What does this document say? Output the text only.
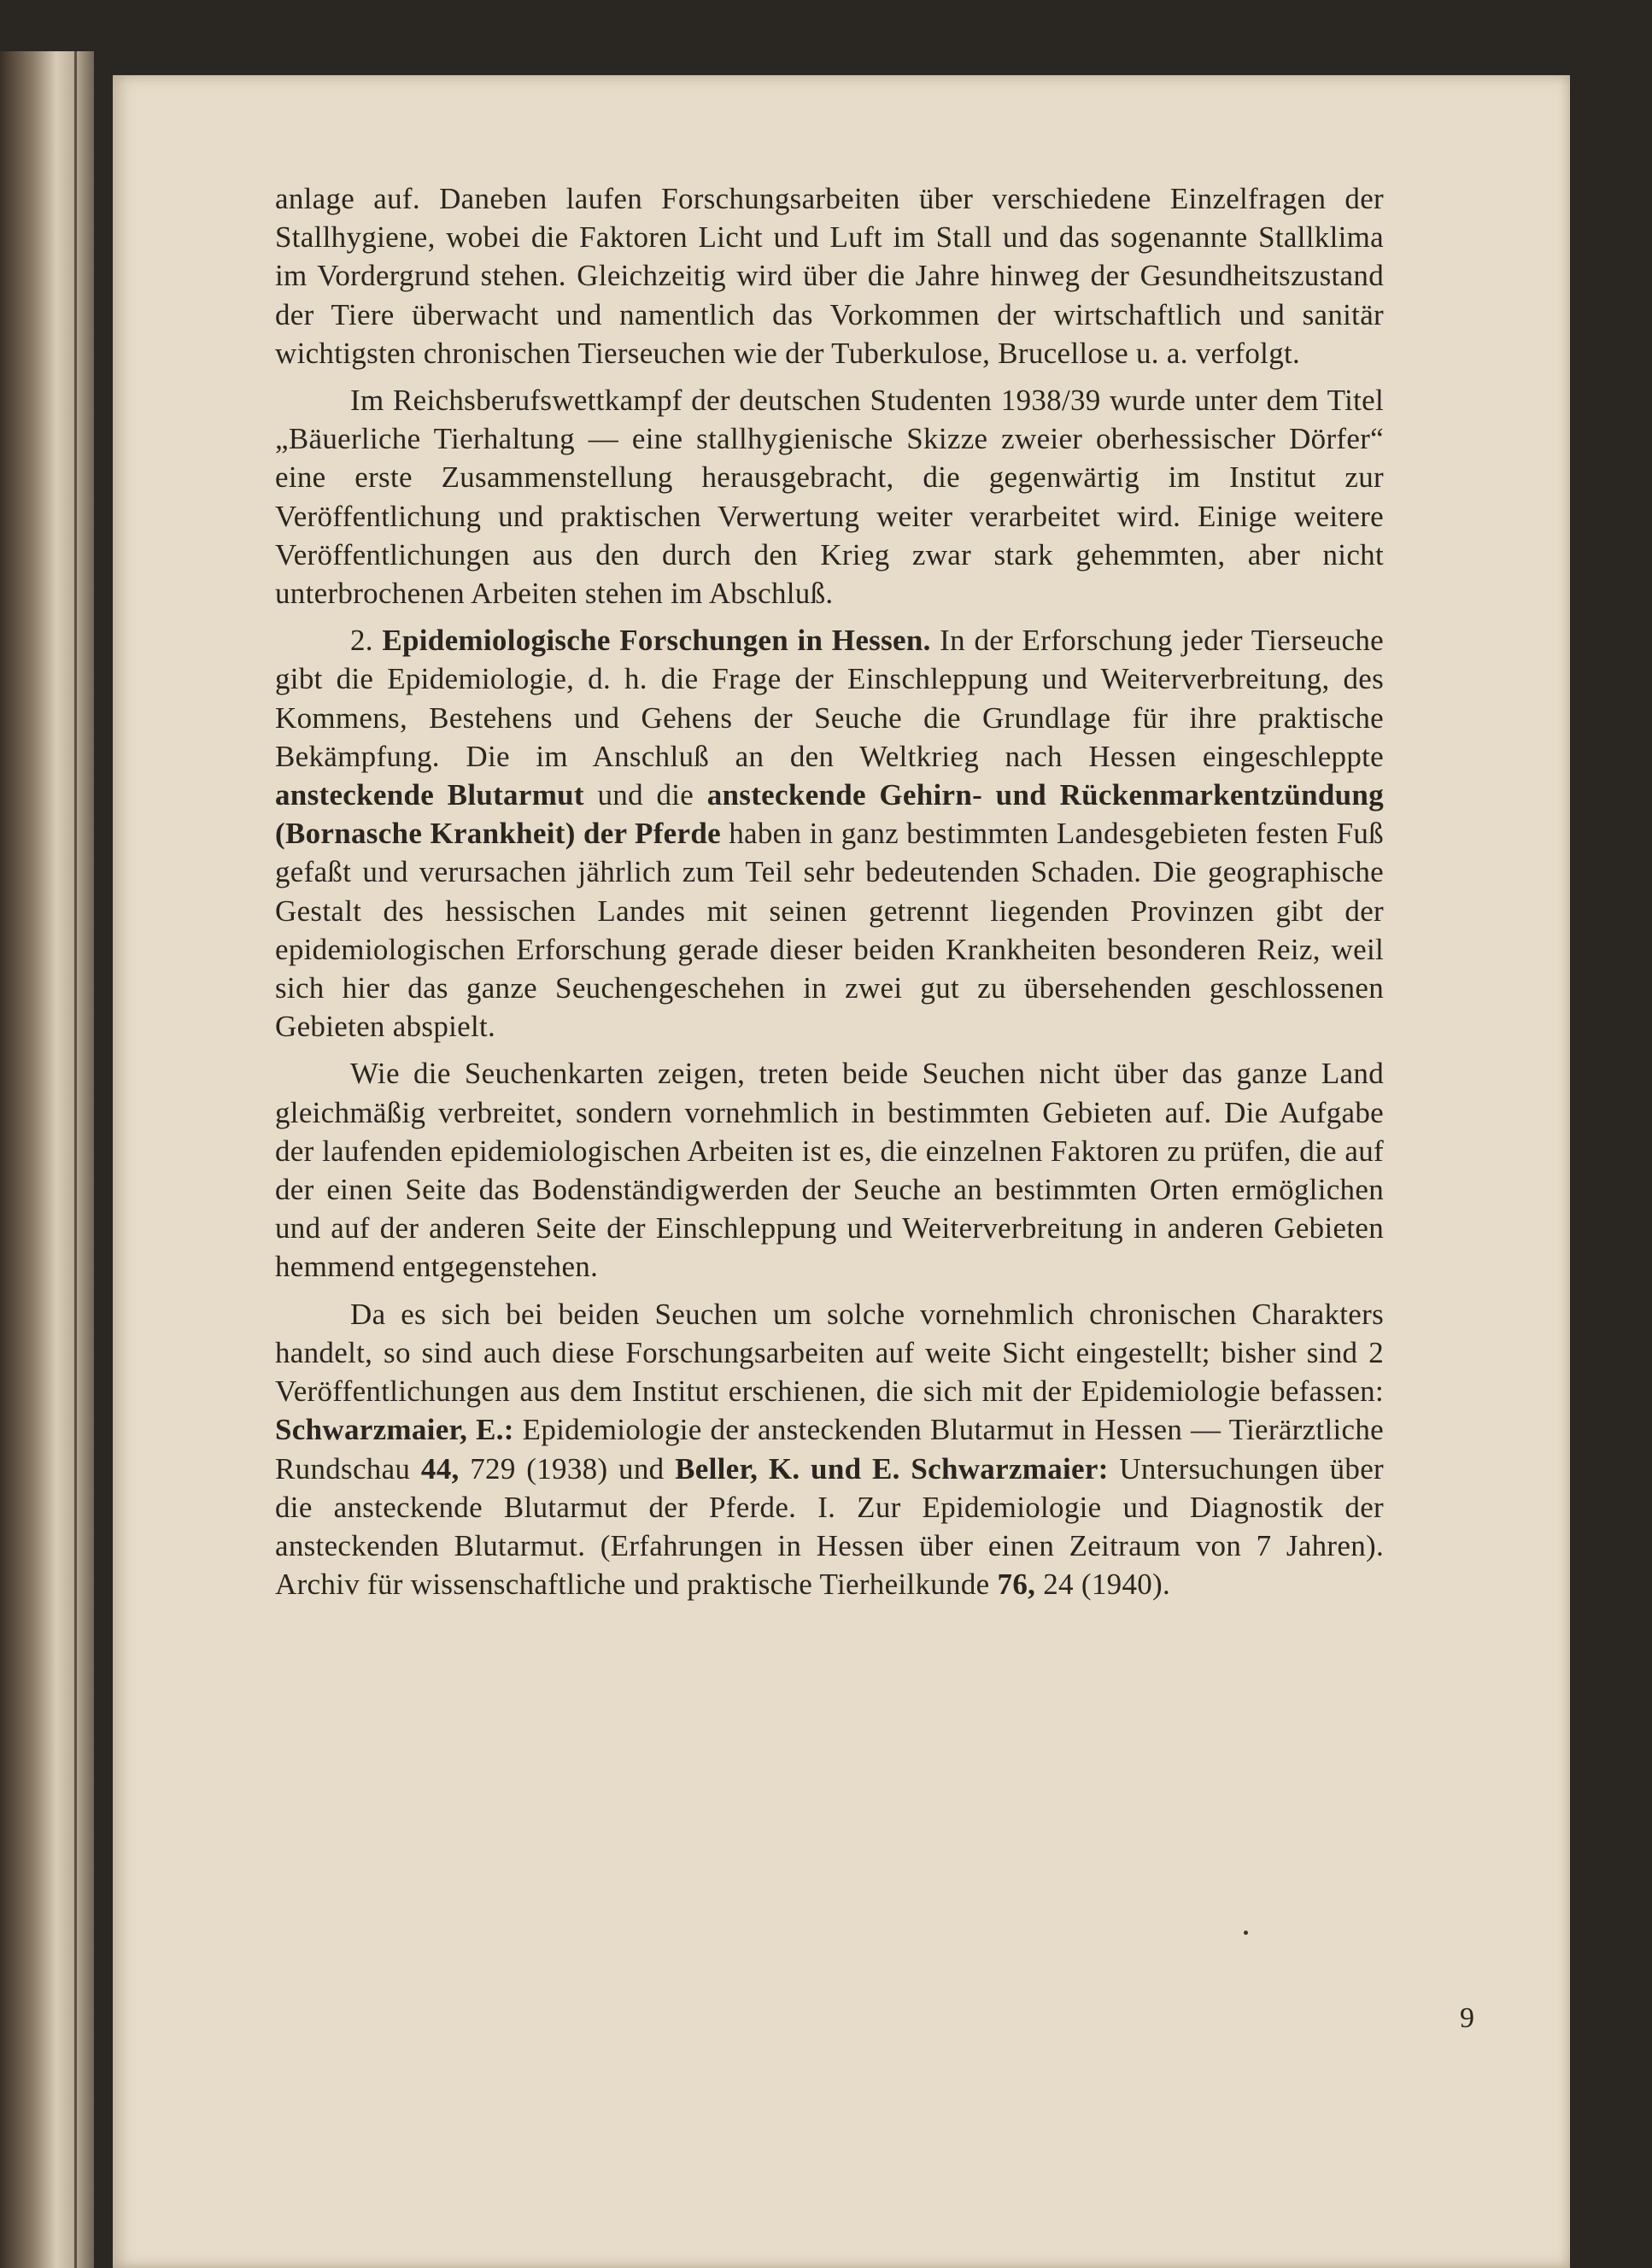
anlage auf. Daneben laufen Forschungsarbeiten über verschiedene Einzelfragen der Stallhygiene, wobei die Faktoren Licht und Luft im Stall und das sogenannte Stallklima im Vordergrund stehen. Gleichzeitig wird über die Jahre hinweg der Gesundheitszustand der Tiere überwacht und namentlich das Vorkommen der wirtschaftlich und sanitär wichtigsten chronischen Tierseuchen wie der Tuberkulose, Brucellose u. a. verfolgt.

Im Reichsberufswettkampf der deutschen Studenten 1938/39 wurde unter dem Titel „Bäuerliche Tierhaltung — eine stallhygienische Skizze zweier oberhessischer Dörfer“ eine erste Zusammenstellung herausgebracht, die gegenwärtig im Institut zur Veröffentlichung und praktischen Verwertung weiter verarbeitet wird. Einige weitere Veröffentlichungen aus den durch den Krieg zwar stark gehemmten, aber nicht unterbrochenen Arbeiten stehen im Abschluß.

2. Epidemiologische Forschungen in Hessen. In der Erforschung jeder Tierseuche gibt die Epidemiologie, d. h. die Frage der Einschleppung und Weiterverbreitung, des Kommens, Bestehens und Gehens der Seuche die Grundlage für ihre praktische Bekämpfung. Die im Anschluß an den Weltkrieg nach Hessen eingeschleppte ansteckende Blutarmut und die ansteckende Gehirn- und Rückenmarkentzündung (Bornasche Krankheit) der Pferde haben in ganz bestimmten Landesgebieten festen Fuß gefaßt und verursachen jährlich zum Teil sehr bedeutenden Schaden. Die geographische Gestalt des hessischen Landes mit seinen getrennt liegenden Provinzen gibt der epidemiologischen Erforschung gerade dieser beiden Krankheiten besonderen Reiz, weil sich hier das ganze Seuchengeschehen in zwei gut zu übersehenden geschlossenen Gebieten abspielt.

Wie die Seuchenkarten zeigen, treten beide Seuchen nicht über das ganze Land gleichmäßig verbreitet, sondern vornehmlich in bestimmten Gebieten auf. Die Aufgabe der laufenden epidemiologischen Arbeiten ist es, die einzelnen Faktoren zu prüfen, die auf der einen Seite das Bodenständigwerden der Seuche an bestimmten Orten ermöglichen und auf der anderen Seite der Einschleppung und Weiterverbreitung in anderen Gebieten hemmend entgegenstehen.

Da es sich bei beiden Seuchen um solche vornehmlich chronischen Charakters handelt, so sind auch diese Forschungsarbeiten auf weite Sicht eingestellt; bisher sind 2 Veröffentlichungen aus dem Institut erschienen, die sich mit der Epidemiologie befassen: Schwarzmaier, E.: Epidemiologie der ansteckenden Blutarmut in Hessen — Tierärztliche Rundschau 44, 729 (1938) und Beller, K. und E. Schwarzmaier: Untersuchungen über die ansteckende Blutarmut der Pferde. I. Zur Epidemiologie und Diagnostik der ansteckenden Blutarmut. (Erfahrungen in Hessen über einen Zeitraum von 7 Jahren). Archiv für wissenschaftliche und praktische Tierheilkunde 76, 24 (1940).

9
